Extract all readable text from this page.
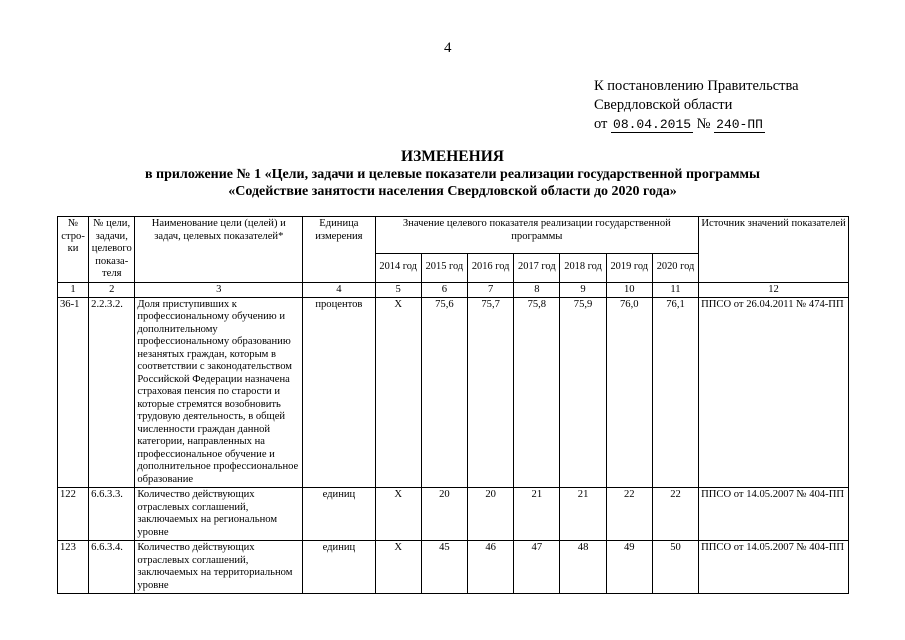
4
К постановлению Правительства
Свердловской области
от 08.04.2015 № 240-ПП
ИЗМЕНЕНИЯ
в приложение № 1 «Цели, задачи и целевые показатели реализации государственной программы
«Содействие занятости населения Свердловской области до 2020 года»
№ стро-ки	№ цели, задачи, целевого показа-теля	Наименование цели (целей) и задач, целевых показателей*	Единица измерения	Значение целевого показателя реализации государственной программы							Источник значений показателей
				2014 год	2015 год	2016 год	2017 год	2018 год	2019 год	2020 год	
1	2	3	4	5	6	7	8	9	10	11	12
36-1	2.2.3.2.	Доля приступивших к профессиональному обучению и дополнительному профессиональному образованию незанятых граждан, которым в соответствии с законодательством Российской Федерации назначена страховая пенсия по старости и которые стремятся возобновить трудовую деятельность, в общей численности граждан данной категории, направленных на профессиональное обучение и дополнительное профессиональное образование	процентов	X	75,6	75,7	75,8	75,9	76,0	76,1	ППСО от 26.04.2011 № 474-ПП
122	6.6.3.3.	Количество действующих отраслевых соглашений, заключаемых на региональном уровне	единиц	X	20	20	21	21	22	22	ППСО от 14.05.2007 № 404-ПП
123	6.6.3.4.	Количество действующих отраслевых соглашений, заключаемых на территориальном уровне	единиц	X	45	46	47	48	49	50	ППСО от 14.05.2007 № 404-ПП
